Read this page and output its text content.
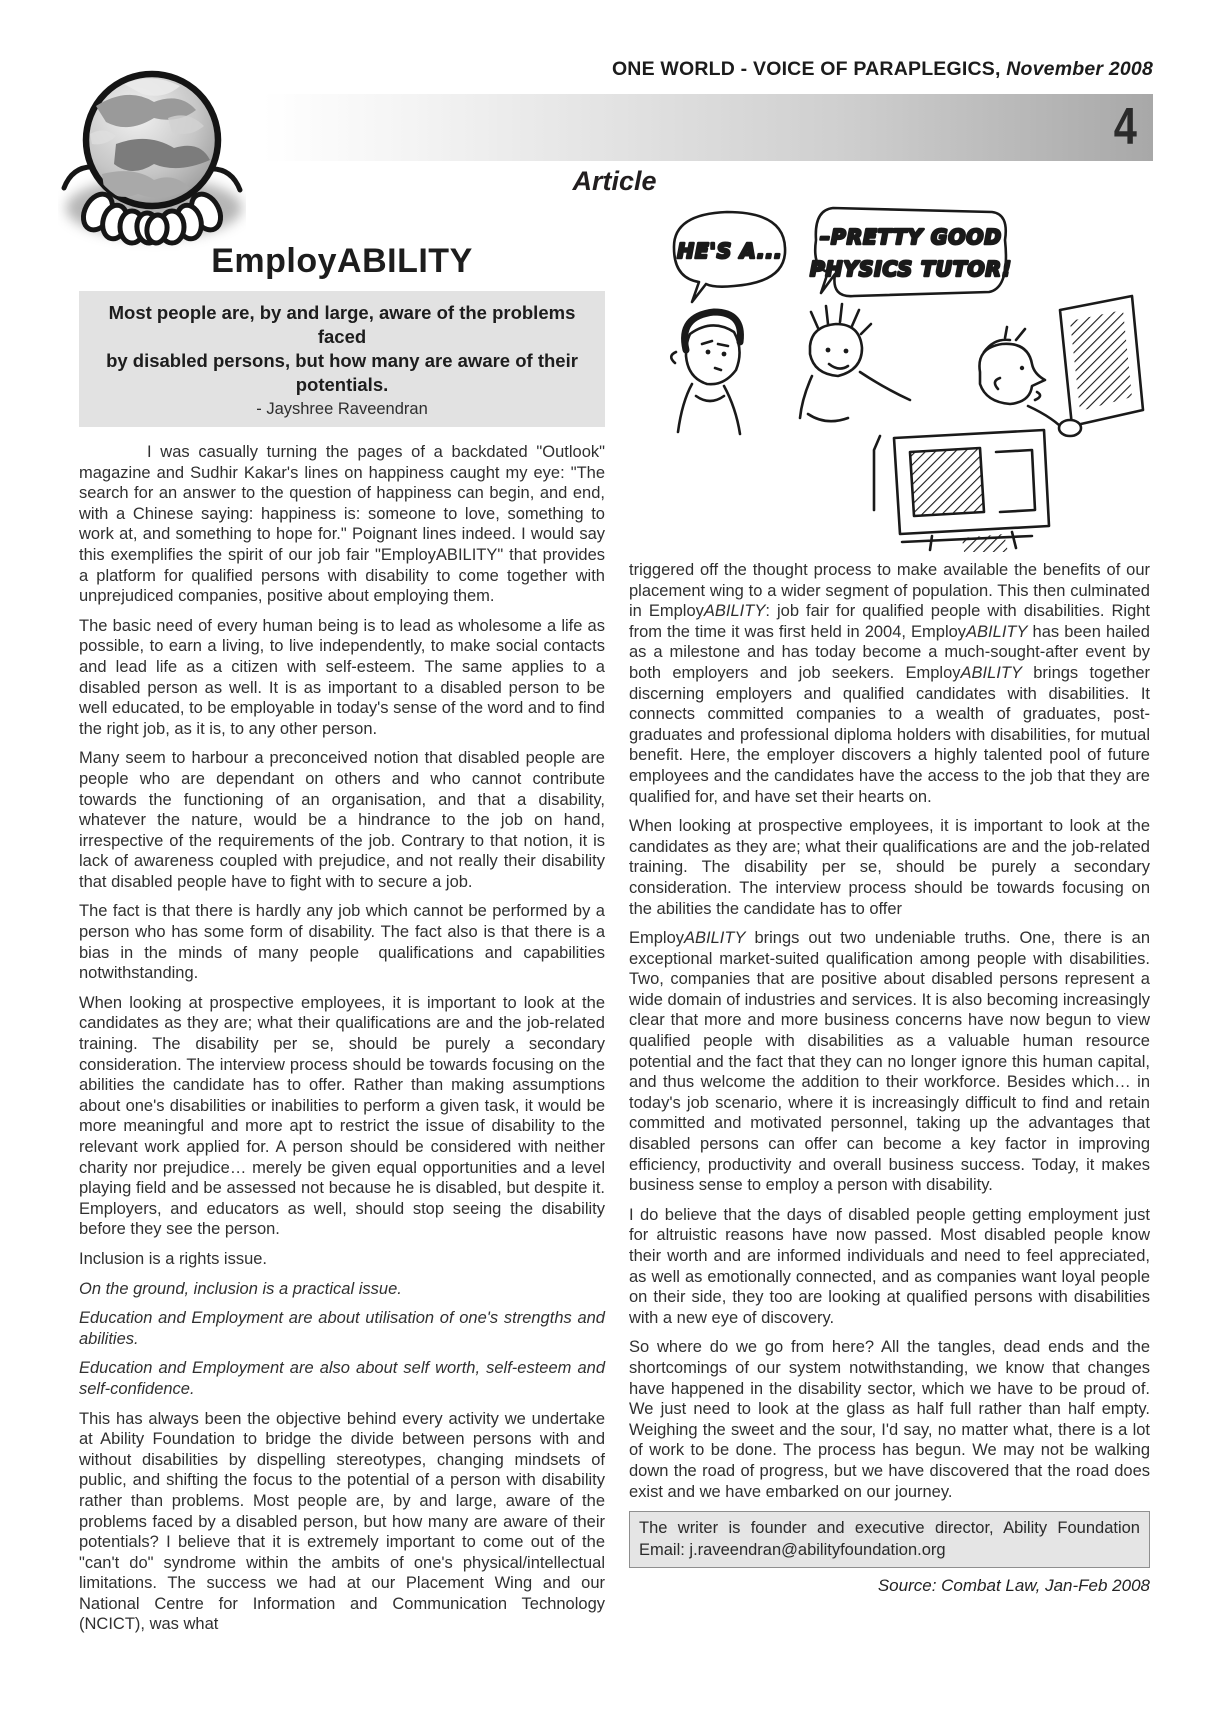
ONE WORLD - VOICE OF PARAPLEGICS, November 2008
4
Article
HE'S A...
–PRETTY GOOD
PHYSICS TUTOR!
EmployABILITY
Most people are, by and large, aware of the problems faced
by disabled persons, but how many are aware of their potentials.
- Jayshree Raveendran

I was casually turning the pages of a backdated "Outlook" magazine and Sudhir Kakar's lines on happiness caught my eye: "The search for an answer to the question of happiness can begin, and end, with a Chinese saying: happiness is: someone to love, something to work at, and something to hope for." Poignant lines indeed. I would say this exemplifies the spirit of our job fair "EmployABILITY" that provides a platform for qualified persons with disability to come together with unprejudiced companies, positive about employing them.

The basic need of every human being is to lead as wholesome a life as possible, to earn a living, to live independently, to make social contacts and lead life as a citizen with self-esteem. The same applies to a disabled person as well. It is as important to a disabled person to be well educated, to be employable in today's sense of the word and to find the right job, as it is, to any other person.

Many seem to harbour a preconceived notion that disabled people are people who are dependant on others and who cannot contribute towards the functioning of an organisation, and that a disability, whatever the nature, would be a hindrance to the job on hand, irrespective of the requirements of the job. Contrary to that notion, it is lack of awareness coupled with prejudice, and not really their disability that disabled people have to fight with to secure a job.

The fact is that there is hardly any job which cannot be performed by a person who has some form of disability. The fact also is that there is a bias in the minds of many people  qualifications and capabilities notwithstanding.

When looking at prospective employees, it is important to look at the candidates as they are; what their qualifications are and the job-related training. The disability per se, should be purely a secondary consideration. The interview process should be towards focusing on the abilities the candidate has to offer. Rather than making assumptions about one's disabilities or inabilities to perform a given task, it would be more meaningful and more apt to restrict the issue of disability to the relevant work applied for. A person should be considered with neither charity nor prejudice… merely be given equal opportunities and a level playing field and be assessed not because he is disabled, but despite it. Employers, and educators as well, should stop seeing the disability before they see the person.

Inclusion is a rights issue.

On the ground, inclusion is a practical issue.

Education and Employment are about utilisation of one's strengths and abilities.

Education and Employment are also about self worth, self-esteem and self-confidence.

This has always been the objective behind every activity we undertake at Ability Foundation to bridge the divide between persons with and without disabilities by dispelling stereotypes, changing mindsets of public, and shifting the focus to the potential of a person with disability rather than problems. Most people are, by and large, aware of the problems faced by a disabled person, but how many are aware of their potentials? I believe that it is extremely important to come out of the "can't do" syndrome within the ambits of one's physical/intellectual limitations. The success we had at our Placement Wing and our National Centre for Information and Communication Technology (NCICT), was what

triggered off the thought process to make available the benefits of our placement wing to a wider segment of population. This then culminated in EmployABILITY: job fair for qualified people with disabilities. Right from the time it was first held in 2004, EmployABILITY has been hailed as a milestone and has today become a much-sought-after event by both employers and job seekers. EmployABILITY brings together discerning employers and qualified candidates with disabilities. It connects committed companies to a wealth of graduates, post-graduates and professional diploma holders with disabilities, for mutual benefit. Here, the employer discovers a highly talented pool of future employees and the candidates have the access to the job that they are qualified for, and have set their hearts on.

When looking at prospective employees, it is important to look at the candidates as they are; what their qualifications are and the job-related training. The disability per se, should be purely a secondary consideration. The interview process should be towards focusing on the abilities the candidate has to offer

EmployABILITY brings out two undeniable truths. One, there is an exceptional market-suited qualification among people with disabilities. Two, companies that are positive about disabled persons represent a wide domain of industries and services. It is also becoming increasingly clear that more and more business concerns have now begun to view qualified people with disabilities as a valuable human resource potential and the fact that they can no longer ignore this human capital, and thus welcome the addition to their workforce. Besides which… in today's job scenario, where it is increasingly difficult to find and retain committed and motivated personnel, taking up the advantages that disabled persons can offer can become a key factor in improving efficiency, productivity and overall business success. Today, it makes business sense to employ a person with disability.

I do believe that the days of disabled people getting employment just for altruistic reasons have now passed. Most disabled people know their worth and are informed individuals and need to feel appreciated, as well as emotionally connected, and as companies want loyal people on their side, they too are looking at qualified persons with disabilities with a new eye of discovery.

So where do we go from here? All the tangles, dead ends and the shortcomings of our system notwithstanding, we know that changes have happened in the disability sector, which we have to be proud of. We just need to look at the glass as half full rather than half empty. Weighing the sweet and the sour, I'd say, no matter what, there is a lot of work to be done. The process has begun. We may not be walking down the road of progress, but we have discovered that the road does exist and we have embarked on our journey.

The writer is founder and executive director, Ability Foundation
Email: j.raveendran@abilityfoundation.org
Source: Combat Law, Jan-Feb 2008
